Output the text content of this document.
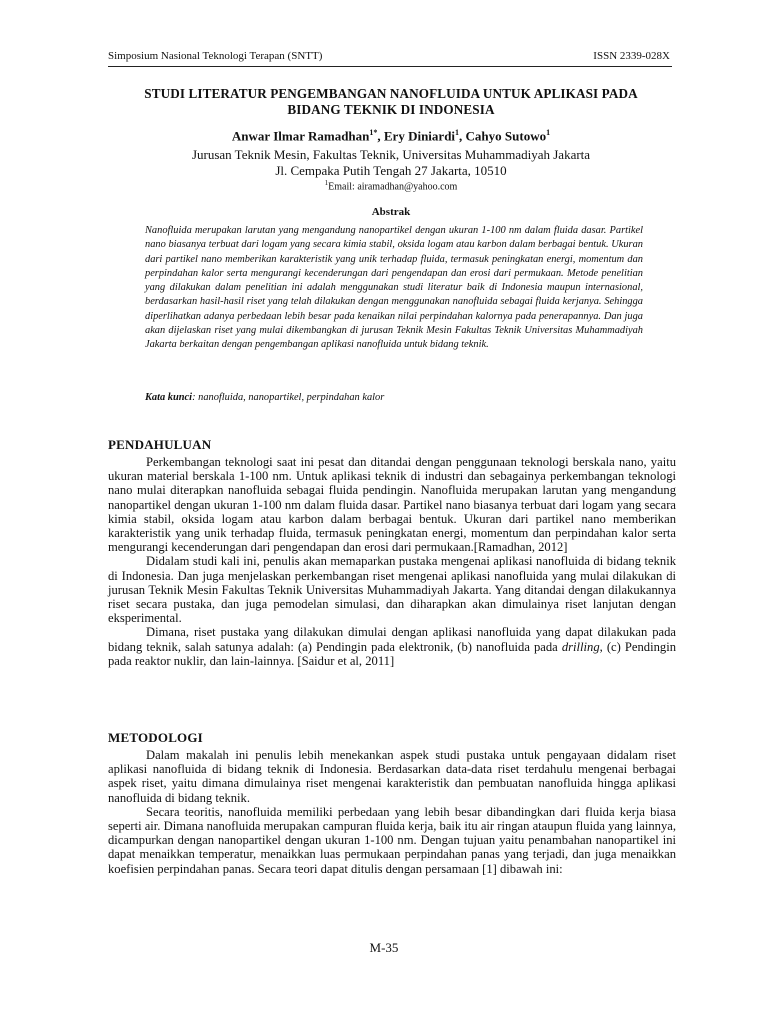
Simposium Nasional Teknologi Terapan (SNTT)	ISSN 2339-028X
STUDI LITERATUR PENGEMBANGAN NANOFLUIDA UNTUK APLIKASI PADA
BIDANG TEKNIK DI INDONESIA
Anwar Ilmar Ramadhan$^{1*}$, Ery Diniardi$^1$, Cahyo Sutowo$^1$
Jurusan Teknik Mesin, Fakultas Teknik, Universitas Muhammadiyah Jakarta
Jl. Cempaka Putih Tengah 27 Jakarta, 10510
$^1$Email: airamadhan@yahoo.com
Abstrak
Nanofluida merupakan larutan yang mengandung nanopartikel dengan ukuran 1-100 nm dalam fluida dasar. Partikel nano biasanya terbuat dari logam yang secara kimia stabil, oksida logam atau karbon dalam berbagai bentuk. Ukuran dari partikel nano memberikan karakteristik yang unik terhadap fluida, termasuk peningkatan energi, momentum dan perpindahan kalor serta mengurangi kecenderungan dari pengendapan dan erosi dari permukaan. Metode penelitian yang dilakukan dalam penelitian ini adalah menggunakan studi literatur baik di Indonesia maupun internasional, berdasarkan hasil-hasil riset yang telah dilakukan dengan menggunakan nanofluida sebagai fluida kerjanya. Sehingga diperlihatkan adanya perbedaan lebih besar pada kenaikan nilai perpindahan kalornya pada penerapannya. Dan juga akan dijelaskan riset yang mulai dikembangkan di jurusan Teknik Mesin Fakultas Teknik Universitas Muhammadiyah Jakarta berkaitan dengan pengembangan aplikasi nanofluida untuk bidang teknik.
Kata kunci: nanofluida, nanopartikel, perpindahan kalor
PENDAHULUAN

Perkembangan teknologi saat ini pesat dan ditandai dengan penggunaan teknologi berskala nano, yaitu ukuran material berskala 1-100 nm. Untuk aplikasi teknik di industri dan sebagainya perkembangan teknologi nano mulai diterapkan nanofluida sebagai fluida pendingin. Nanofluida merupakan larutan yang mengandung nanopartikel dengan ukuran 1-100 nm dalam fluida dasar. Partikel nano biasanya terbuat dari logam yang secara kimia stabil, oksida logam atau karbon dalam berbagai bentuk. Ukuran dari partikel nano memberikan karakteristik yang unik terhadap fluida, termasuk peningkatan energi, momentum dan perpindahan kalor serta mengurangi kecenderungan dari pengendapan dan erosi dari permukaan.[Ramadhan, 2012]

Didalam studi kali ini, penulis akan memaparkan pustaka mengenai aplikasi nanofluida di bidang teknik di Indonesia. Dan juga menjelaskan perkembangan riset mengenai aplikasi nanofluida yang mulai dilakukan di jurusan Teknik Mesin Fakultas Teknik Universitas Muhammadiyah Jakarta. Yang ditandai dengan dilakukannya riset secara pustaka, dan juga pemodelan simulasi, dan diharapkan akan dimulainya riset lanjutan dengan eksperimental.

Dimana, riset pustaka yang dilakukan dimulai dengan aplikasi nanofluida yang dapat dilakukan pada bidang teknik, salah satunya adalah: (a) Pendingin pada elektronik, (b) nanofluida pada drilling, (c) Pendingin pada reaktor nuklir, dan lain-lainnya. [Saidur et al, 2011]

METODOLOGI

Dalam makalah ini penulis lebih menekankan aspek studi pustaka untuk pengayaan didalam riset aplikasi nanofluida di bidang teknik di Indonesia. Berdasarkan data-data riset terdahulu mengenai berbagai aspek riset, yaitu dimana dimulainya riset mengenai karakteristik dan pembuatan nanofluida hingga aplikasi nanofluida di bidang teknik.

Secara teoritis, nanofluida memiliki perbedaan yang lebih besar dibandingkan dari fluida kerja biasa seperti air. Dimana nanofluida merupakan campuran fluida kerja, baik itu air ringan ataupun fluida yang lainnya, dicampurkan dengan nanopartikel dengan ukuran 1-100 nm. Dengan tujuan yaitu penambahan nanopartikel ini dapat menaikkan temperatur, menaikkan luas permukaan perpindahan panas yang terjadi, dan juga menaikkan koefisien perpindahan panas. Secara teori dapat ditulis dengan persamaan [1] dibawah ini:

M-35
